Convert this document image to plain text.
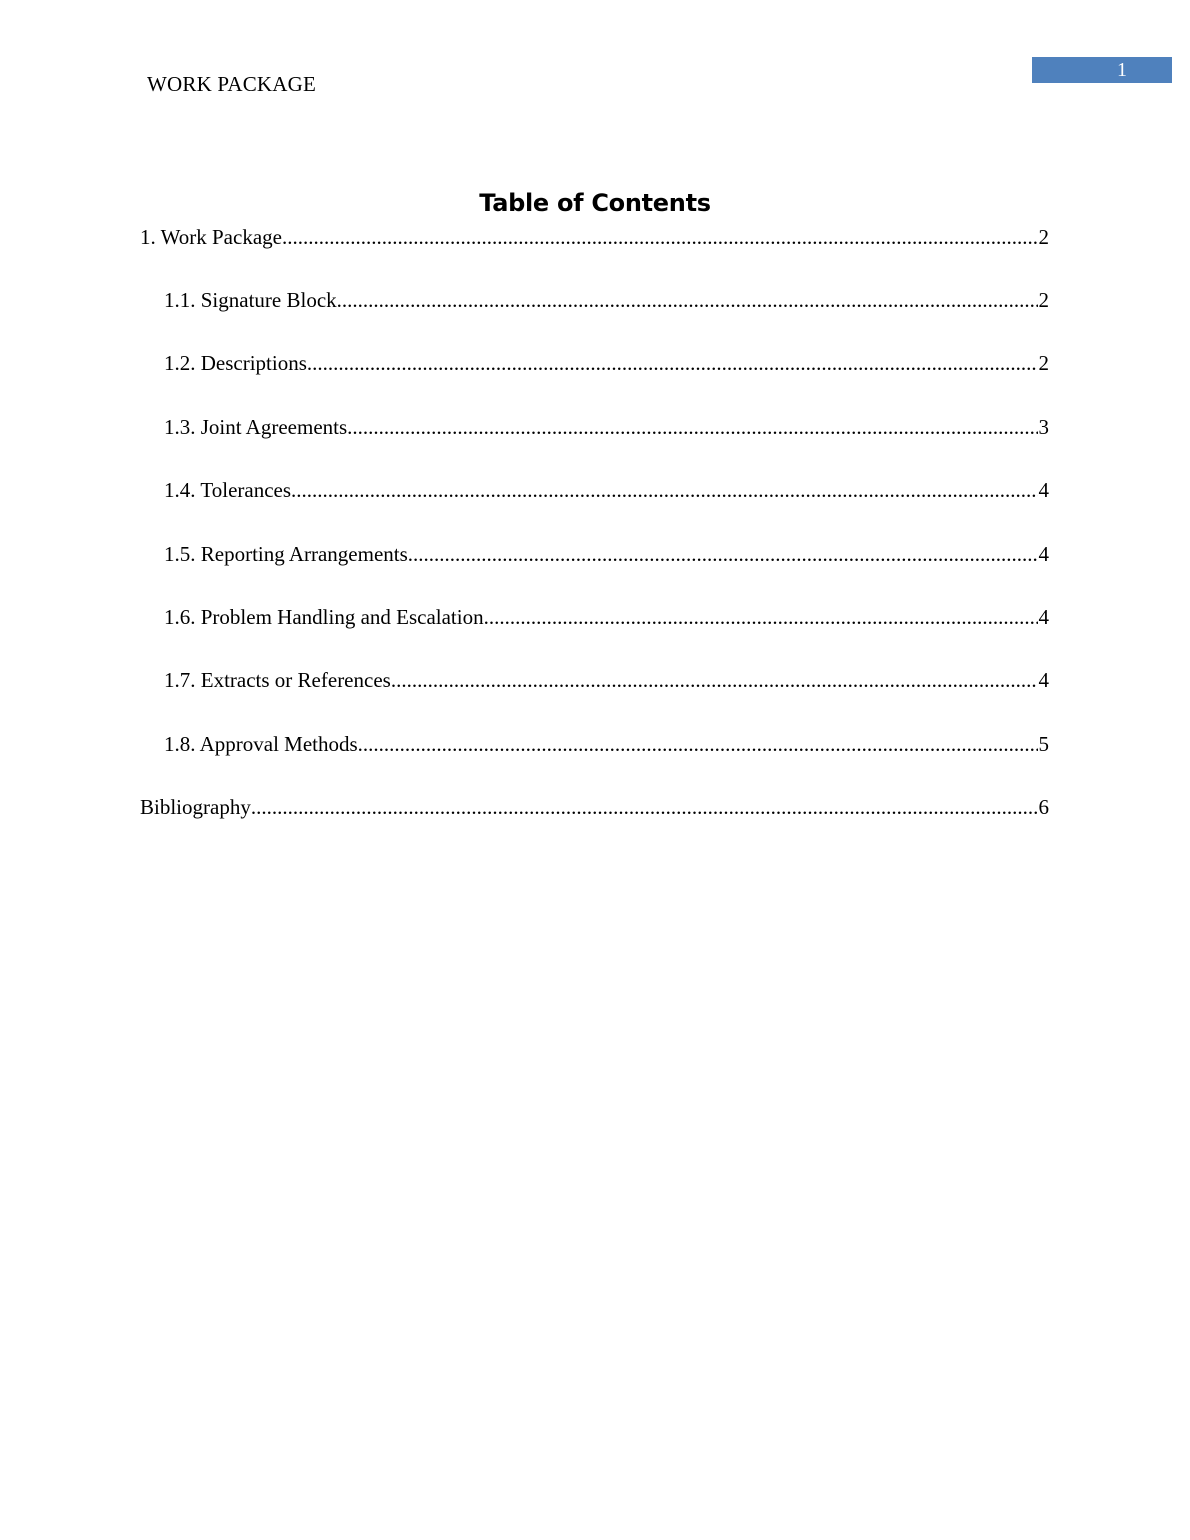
WORK PACKAGE
1
Table of Contents
1. Work Package .....	2
1.1. Signature Block .....	2
1.2. Descriptions .....	2
1.3. Joint Agreements .....	3
1.4. Tolerances .....	4
1.5. Reporting Arrangements .....	4
1.6. Problem Handling and Escalation .....	4
1.7. Extracts or References .....	4
1.8. Approval Methods .....	5
Bibliography .....	6
